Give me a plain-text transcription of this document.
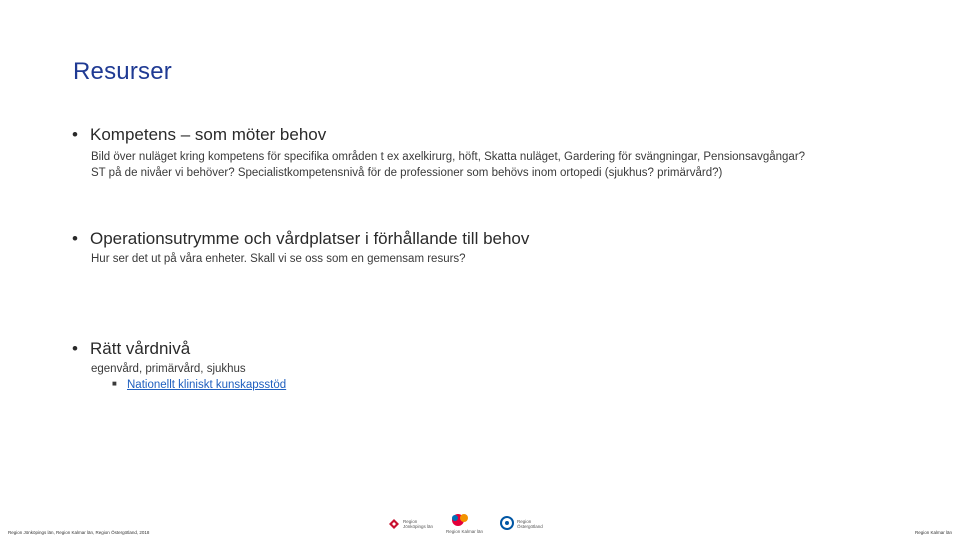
Resurser
• Kompetens – som möter behov
Bild över nuläget kring kompetens för specifika områden t ex axelkirurg, höft, Skatta nuläget, Gardering för svängningar, Pensionsavgångar?
ST på de nivåer vi behöver? Specialistkompetensnivå för de professioner som behövs inom ortopedi (sjukhus? primärvård?)
• Operationsutrymme och vårdplatser i förhållande till behov
Hur ser det ut på våra enheter. Skall vi se oss som en gemensam resurs?
• Rätt vårdnivå
egenvård, primärvård, sjukhus
■ Nationellt kliniskt kunskapsstöd
Region Jönköpings län, Region Kalmar län, Region Östergötland, 2018
Region
Jönköpings län
Region Kalmar län
Region
Östergötland
Region Kalmar län
